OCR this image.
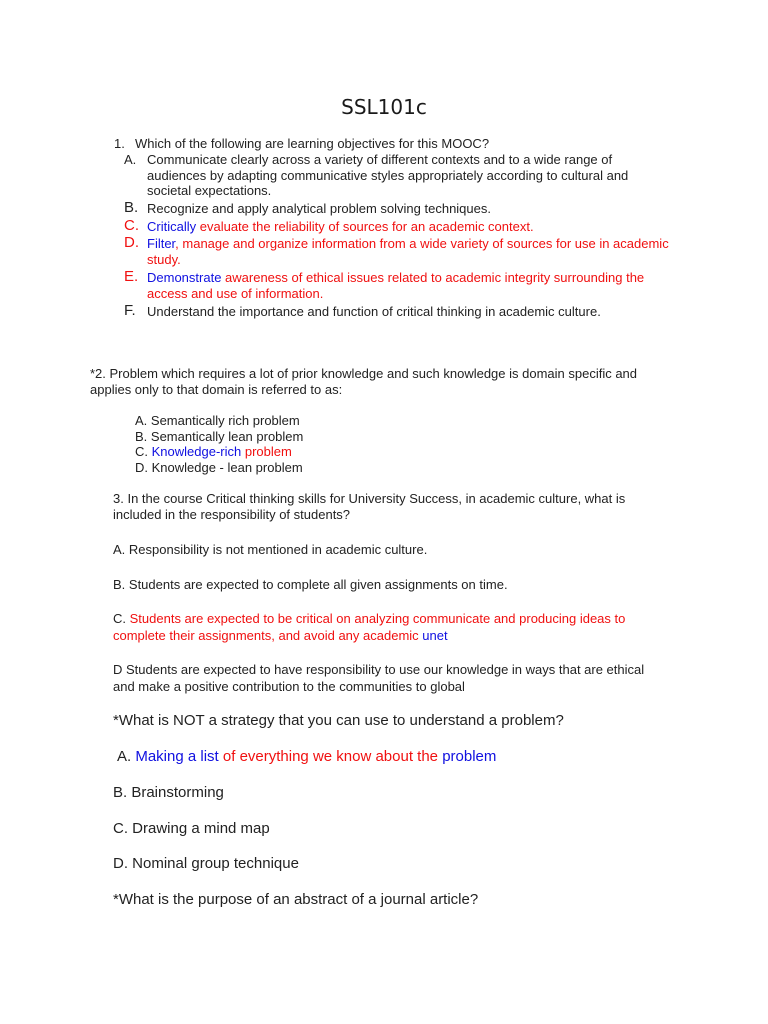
SSL101c
1. Which of the following are learning objectives for this MOOC?
A. Communicate clearly across a variety of different contexts and to a wide range of
audiences by adapting communicative styles appropriately according to cultural and
societal expectations.
B. Recognize and apply analytical problem solving techniques.
C. Critically evaluate the reliability of sources for an academic context.
D. Filter, manage and organize information from a wide variety of sources for use in academic
study.
E. Demonstrate awareness of ethical issues related to academic integrity surrounding the
access and use of information.
F. Understand the importance and function of critical thinking in academic culture.
*2. Problem which requires a lot of prior knowledge and such knowledge is domain specific and
applies only to that domain is referred to as:
A. Semantically rich problem
B. Semantically lean problem
C. Knowledge-rich problem
D. Knowledge - lean problem
3. In the course Critical thinking skills for University Success, in academic culture, what is
included in the responsibility of students?
A. Responsibility is not mentioned in academic culture.
B. Students are expected to complete all given assignments on time.
C. Students are expected to be critical on analyzing communicate and producing ideas to
complete their assignments, and avoid any academic unet
D Students are expected to have responsibility to use our knowledge in ways that are ethical
and make a positive contribution to the communities to global
*What is NOT a strategy that you can use to understand a problem?
A. Making a list of everything we know about the problem
B. Brainstorming
C. Drawing a mind map
D. Nominal group technique
*What is the purpose of an abstract of a journal article?
